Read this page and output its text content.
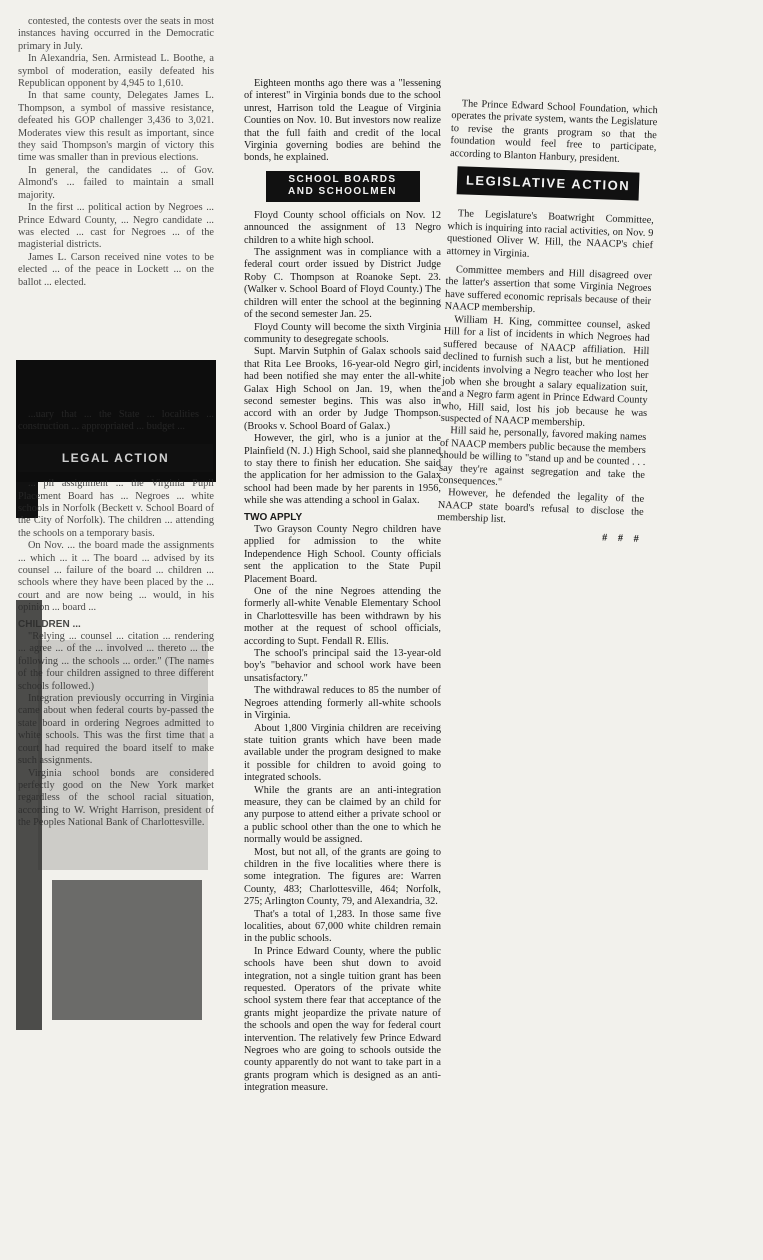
contested, the contests over the seats in most instances having occurred in the Democratic primary in July.

In Alexandria, Sen. Armistead L. Boothe, a symbol of moderation, easily defeated his Republican opponent by 4,945 to 1,610.

In that same county, Delegates James L. Thompson, a symbol of massive resistance, defeated his GOP challenger 3,436 to 3,021. Moderates view this result as important, since they said Thompson's margin of victory this time was smaller than in previous elections.

In general, the candidates ... of Gov. Almond's ... failed to maintain a small majority.

In the first ... political action by Negroes ... Prince Edward County, ... Negro candidate ... was elected ... cast for Negroes ... of the magisterial districts.

James L. Carson received nine votes to be elected ... of the peace in Lockett ... on the ballot ... elected.

...uary that ... the State ... localities ... construction ... appropriated ... budget ...

LEGAL ACTION

... pil assignment ... the Virginia Pupil Placement Board has ... Negroes ... white schools in Norfolk (Beckett v. School Board of the City of Norfolk). The children ... attending the schools on a temporary basis.

On Nov. ... the board made the assignments ... which ... it ... The board ... advised by its counsel ... failure of the board ... children ... schools where they have been placed by the ... court and are now being ... would, in his opinion ... board ...

CHILDREN ...

"Relying ... counsel ... citation ... rendering ... agree ... of the ... involved ... thereto ... the following ... the schools ... order." (The names of the four children assigned to three different schools followed.)

Integration previously occurring in Virginia came about when federal courts by-passed the state board in ordering Negroes admitted to white schools. This was the first time that a court had required the board itself to make such assignments.

Virginia school bonds are considered perfectly good on the New York market regardless of the school racial situation, according to W. Wright Harrison, president of the Peoples National Bank of Charlottesville.

Eighteen months ago there was a "lessening of interest" in Virginia bonds due to the school unrest, Harrison told the League of Virginia Counties on Nov. 10. But investors now realize that the full faith and credit of the local Virginia governing bodies are behind the bonds, he explained.

SCHOOL BOARDS
AND SCHOOLMEN

Floyd County school officials on Nov. 12 announced the assignment of 13 Negro children to a white high school.

The assignment was in compliance with a federal court order issued by District Judge Roby C. Thompson at Roanoke Sept. 23. (Walker v. School Board of Floyd County.) The children will enter the school at the beginning of the second semester Jan. 25.

Floyd County will become the sixth Virginia community to desegregate schools.

Supt. Marvin Sutphin of Galax schools said that Rita Lee Brooks, 16-year-old Negro girl, had been notified she may enter the all-white Galax High School on Jan. 19, when the second semester begins. This was also in accord with an order by Judge Thompson. (Brooks v. School Board of Galax.)

However, the girl, who is a junior at the Plainfield (N. J.) High School, said she planned to stay there to finish her education. She said the application for her admission to the Galax school had been made by her parents in 1956, while she was attending a school in Galax.

TWO APPLY

Two Grayson County Negro children have applied for admission to the white Independence High School. County officials sent the application to the State Pupil Placement Board.

One of the nine Negroes attending the formerly all-white Venable Elementary School in Charlottesville has been withdrawn by his mother at the request of school officials, according to Supt. Fendall R. Ellis.

The school's principal said the 13-year-old boy's "behavior and school work have been unsatisfactory."

The withdrawal reduces to 85 the number of Negroes attending formerly all-white schools in Virginia.

About 1,800 Virginia children are receiving state tuition grants which have been made available under the program designed to make it possible for children to avoid going to integrated schools.

While the grants are an anti-integration measure, they can be claimed by an child for any purpose to attend either a private school or a public school other than the one to which he normally would be assigned.

Most, but not all, of the grants are going to children in the five localities where there is some integration. The figures are: Warren County, 483; Charlottesville, 464; Norfolk, 275; Arlington County, 79, and Alexandria, 32.

That's a total of 1,283. In those same five localities, about 67,000 white children remain in the public schools.

In Prince Edward County, where the public schools have been shut down to avoid integration, not a single tuition grant has been requested. Operators of the private white school system there fear that acceptance of the grants might jeopardize the private nature of the schools and open the way for federal court intervention. The relatively few Prince Edward Negroes who are going to schools outside the county apparently do not want to take part in a grants program which is designed as an anti-integration measure.

The Prince Edward School Foundation, which operates the private system, wants the Legislature to revise the grants program so that the foundation would feel free to participate, according to Blanton Hanbury, president.

LEGISLATIVE ACTION

The Legislature's Boatwright Committee, which is inquiring into racial activities, on Nov. 9 questioned Oliver W. Hill, the NAACP's chief attorney in Virginia.

Committee members and Hill disagreed over the latter's assertion that some Virginia Negroes have suffered economic reprisals because of their NAACP membership.

William H. King, committee counsel, asked Hill for a list of incidents in which Negroes had suffered because of NAACP affiliation. Hill declined to furnish such a list, but he mentioned incidents involving a Negro teacher who lost her job when she brought a salary equalization suit, and a Negro farm agent in Prince Edward County who, Hill said, lost his job because he was suspected of NAACP membership.

Hill said he, personally, favored making names of NAACP members public because the members should be willing to "stand up and be counted . . . say they're against segregation and take the consequences."

However, he defended the legality of the NAACP state board's refusal to disclose the membership list.

# # #
